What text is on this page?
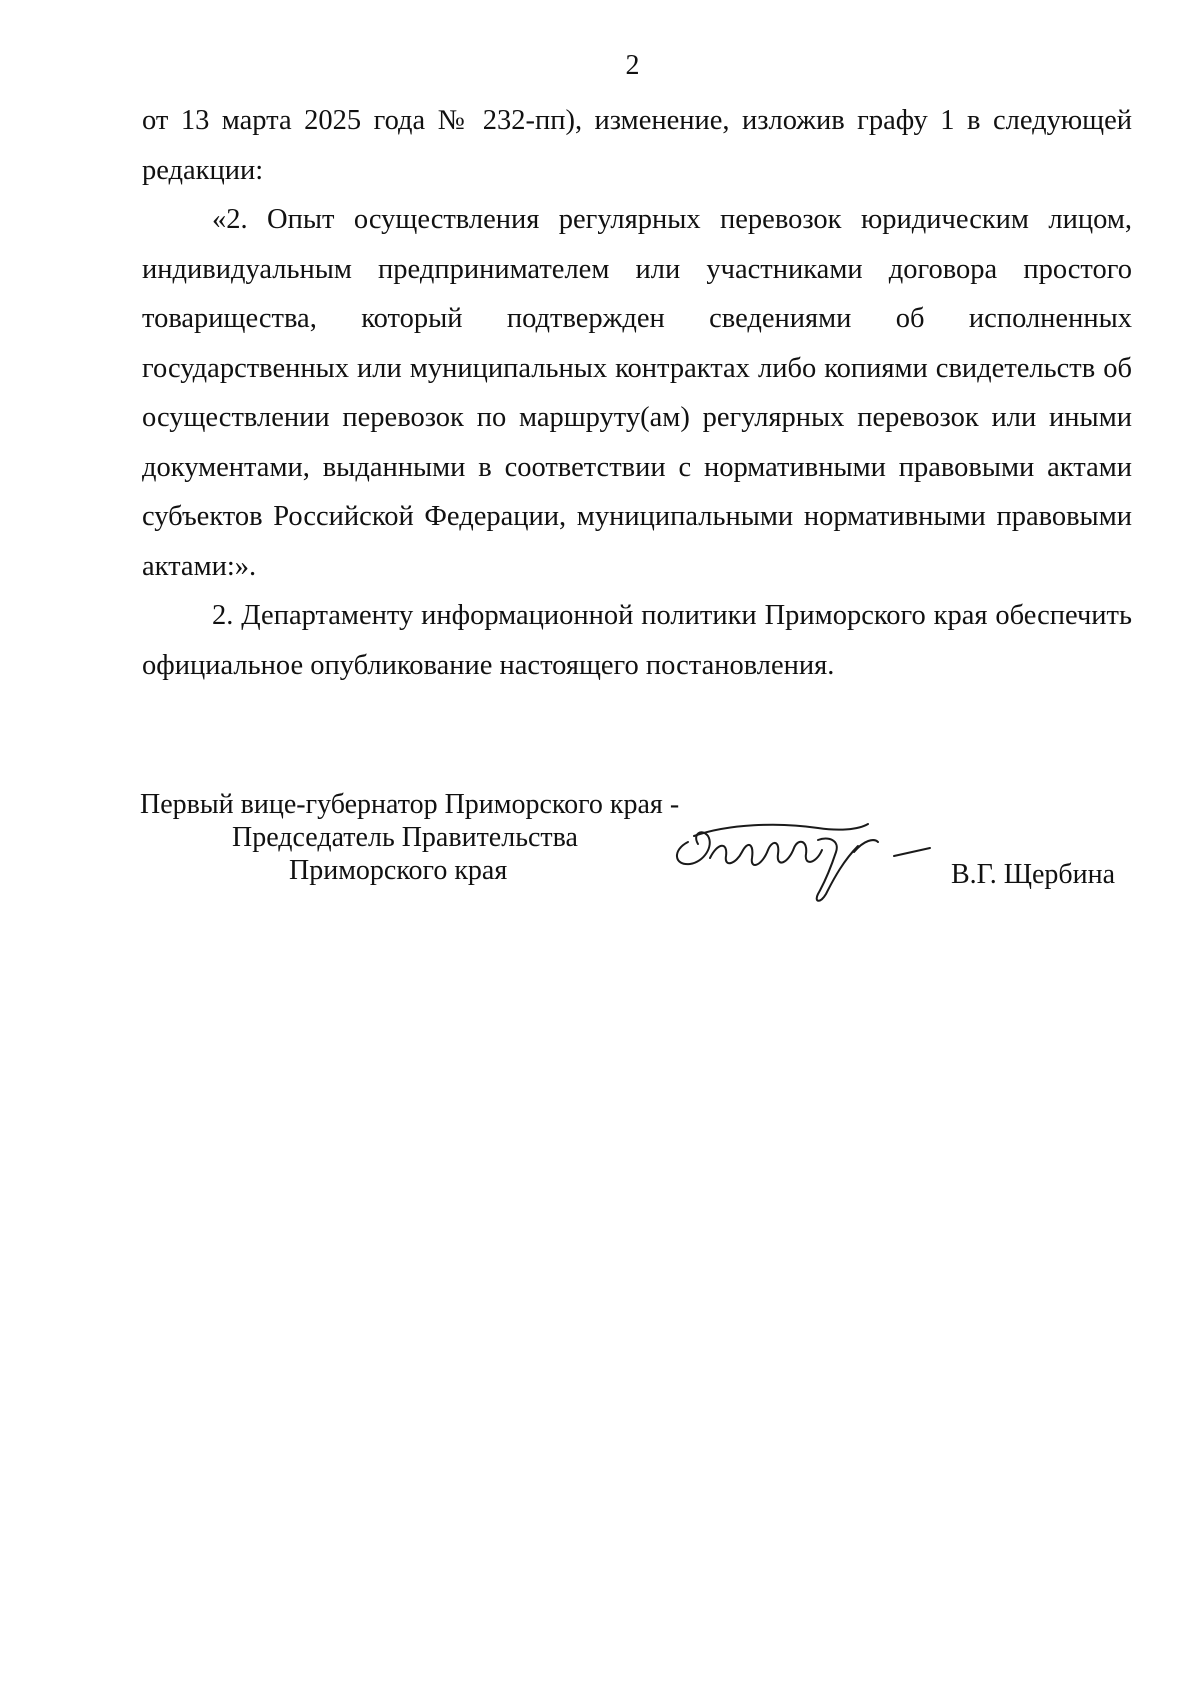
2

от 13 марта 2025 года № 232-пп), изменение, изложив графу 1 в следующей редакции:

«2. Опыт осуществления регулярных перевозок юридическим лицом, индивидуальным предпринимателем или участниками договора простого товарищества, который подтвержден сведениями об исполненных государственных или муниципальных контрактах либо копиями свидетельств об осуществлении перевозок по маршруту(ам) регулярных перевозок или иными документами, выданными в соответствии с нормативными правовыми актами субъектов Российской Федерации, муниципальными нормативными правовыми актами:».

2. Департаменту информационной политики Приморского края обеспечить официальное опубликование настоящего постановления.

Первый вице-губернатор Приморского края -
Председатель Правительства
Приморского края	В.Г. Щербина
